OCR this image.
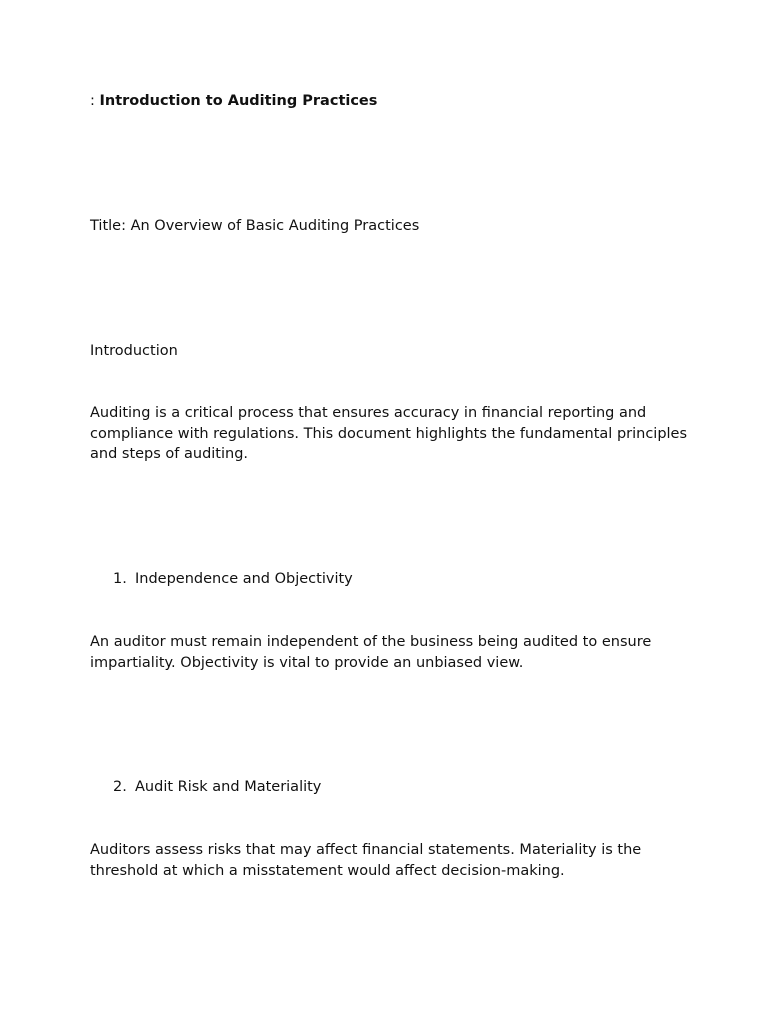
: Introduction to Auditing Practices

Title: An Overview of Basic Auditing Practices

Introduction

Auditing is a critical process that ensures accuracy in financial reporting and compliance with regulations. This document highlights the fundamental principles and steps of auditing.

1. Independence and Objectivity

An auditor must remain independent of the business being audited to ensure impartiality. Objectivity is vital to provide an unbiased view.

2. Audit Risk and Materiality

Auditors assess risks that may affect financial statements. Materiality is the threshold at which a misstatement would affect decision-making.
